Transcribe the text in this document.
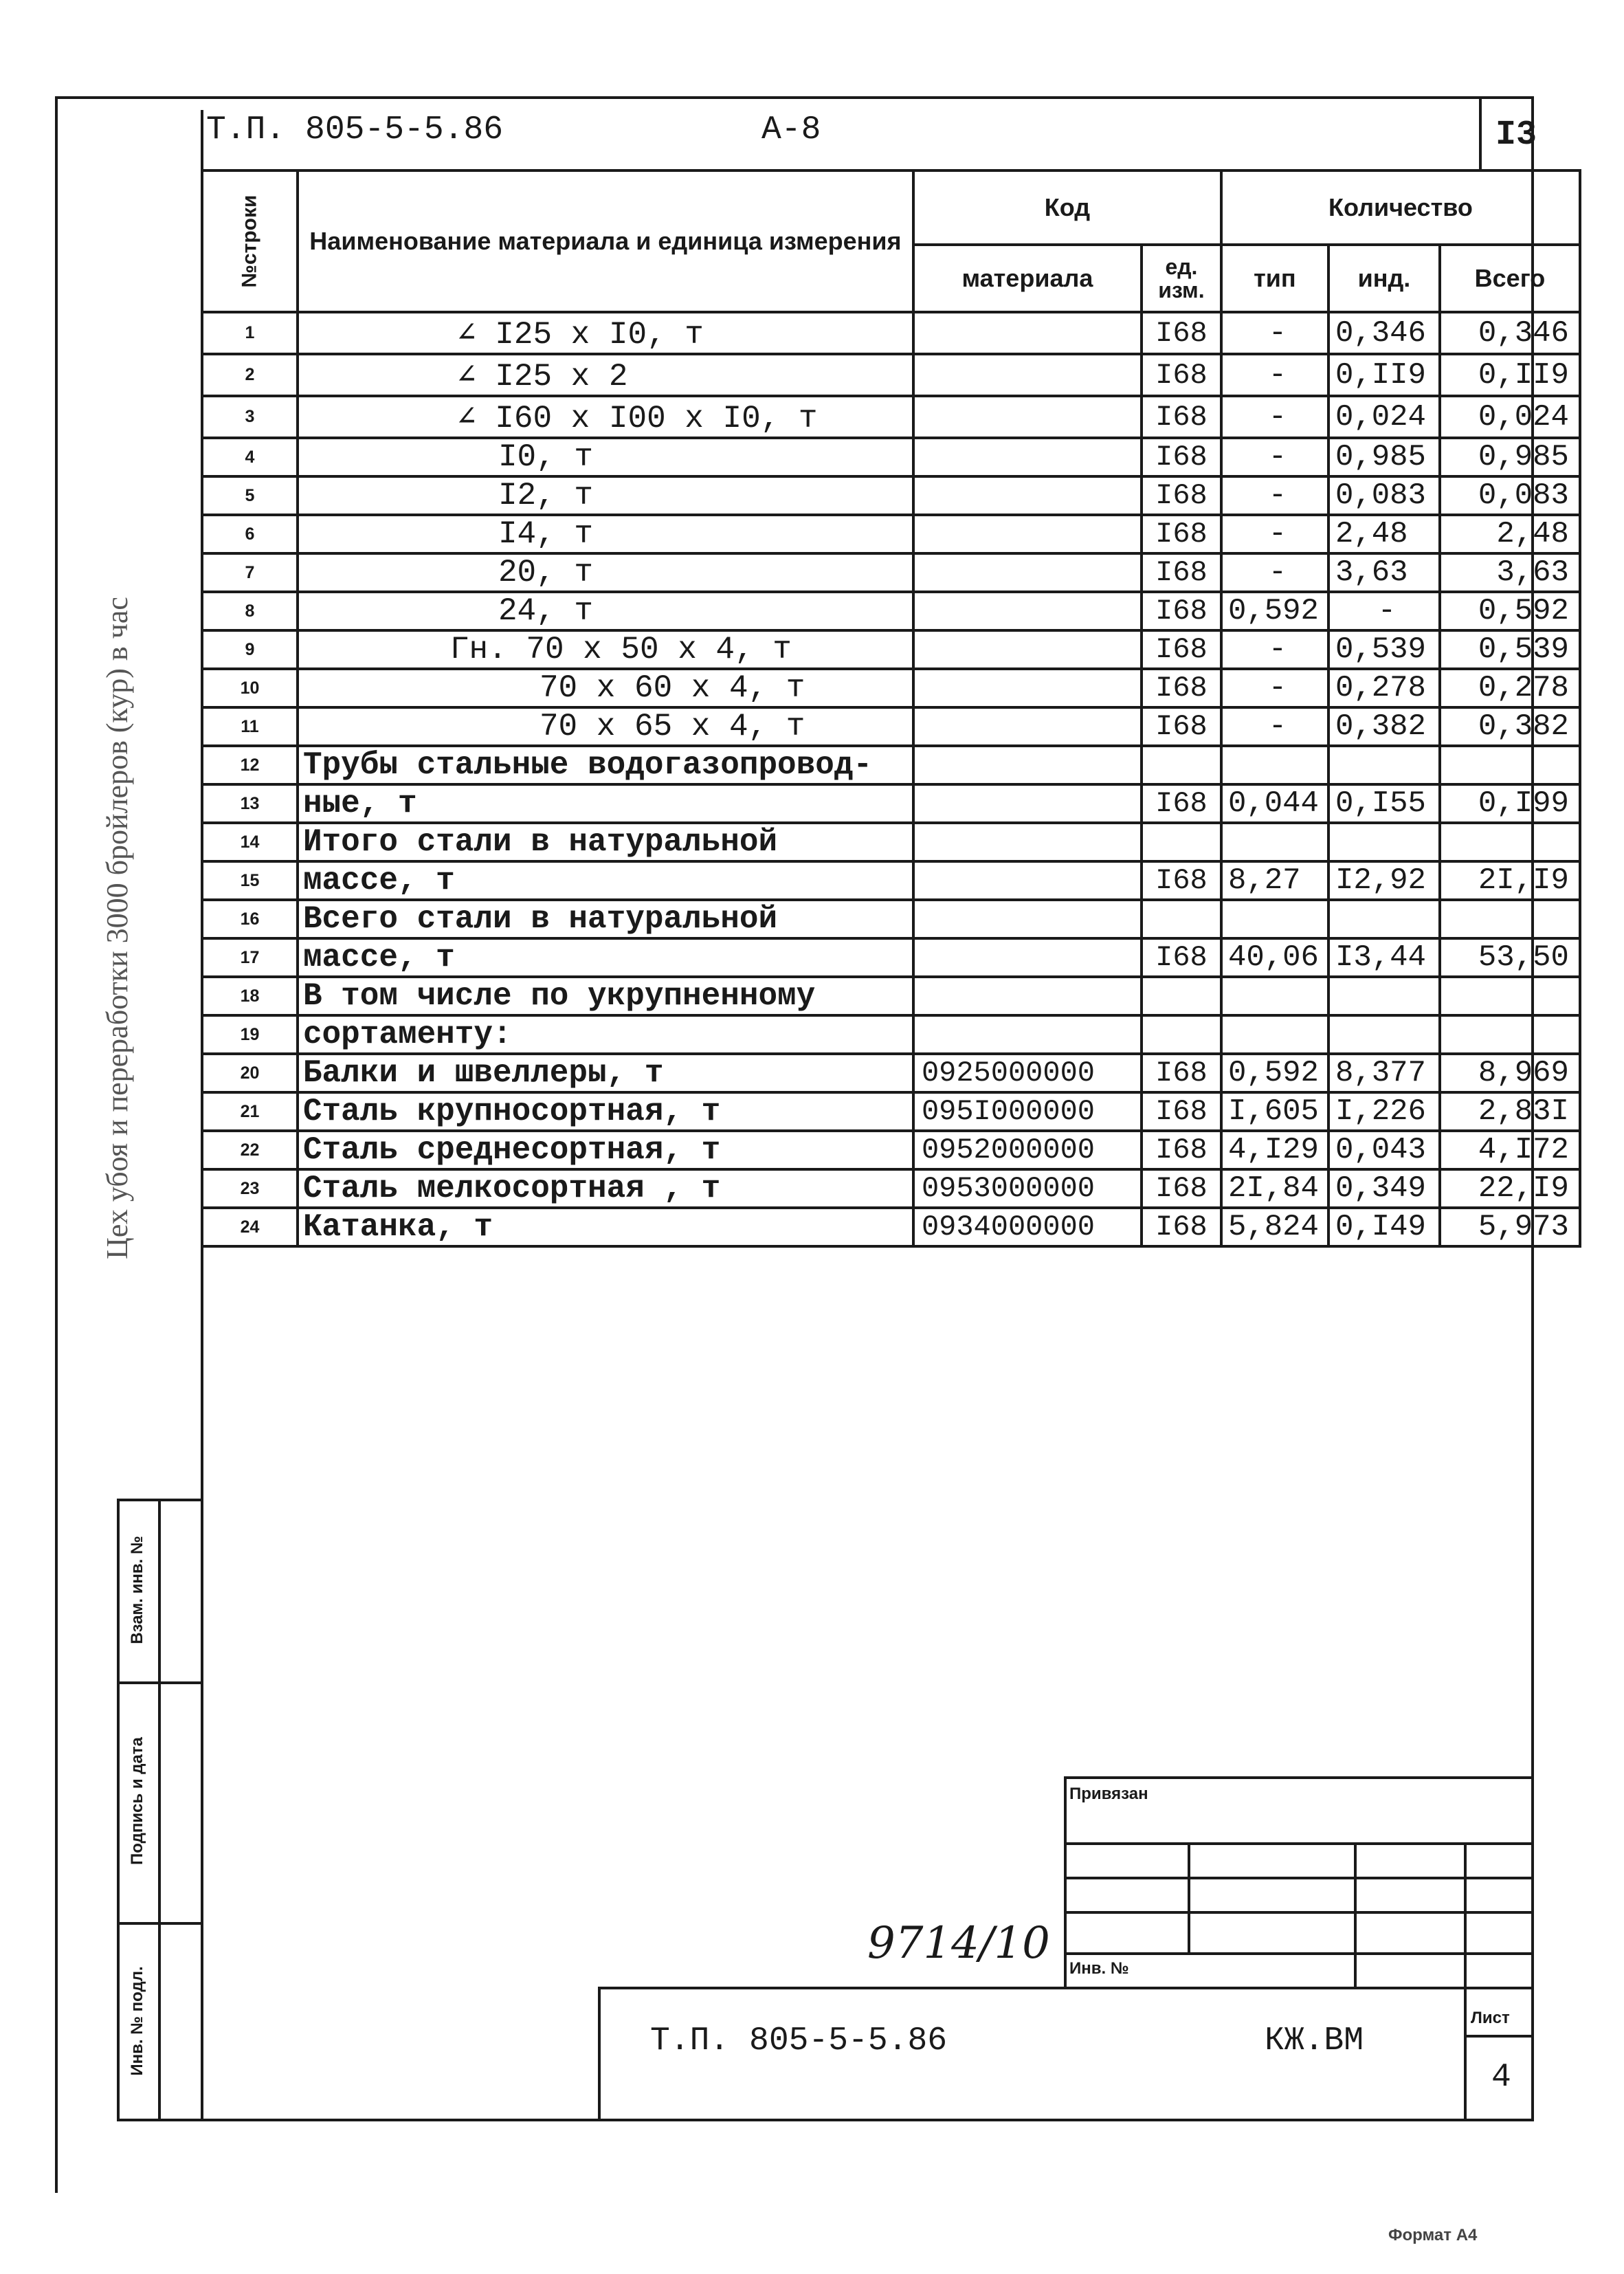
Т.П. 805-5-5.86	А-8	I3
Цех убоя и переработки 3000 бройлеров (кур) в час
№строки	Наименование материала и единица измерения	Код		Количество		
		материала	ед. изм.	тип	инд.	Всего
1	∠ I25 x I0, т		I68	-	0,346	0,346
2	∠ I25 x 2		I68	-	0,II9	0,II9
3	∠ I60 x I00 x I0, т		I68	-	0,024	0,024
4	I0, т		I68	-	0,985	0,985
5	I2, т		I68	-	0,083	0,083
6	I4, т		I68	-	2,48	2,48
7	20, т		I68	-	3,63	3,63
8	24, т		I68	0,592	-	0,592
9	Гн. 70 x 50 x 4, т		I68	-	0,539	0,539
10	70 x 60 x 4, т		I68	-	0,278	0,278
11	70 x 65 x 4, т		I68	-	0,382	0,382
12	Трубы стальные водогазопровод-					
13	ные, т		I68	0,044	0,I55	0,I99
14	Итого стали в натуральной					
15	массе, т		I68	8,27	I2,92	2I,I9
16	Всего стали в натуральной					
17	массе, т		I68	40,06	I3,44	53,50
18	В том числе по укрупненному					
19	сортаменту:					
20	Балки и швеллеры, т	0925000000	I68	0,592	8,377	8,969
21	Сталь крупносортная, т	095I000000	I68	I,605	I,226	2,83I
22	Сталь среднесортная, т	0952000000	I68	4,I29	0,043	4,I72
23	Сталь мелкосортная , т	0953000000	I68	2I,84	0,349	22,I9
24	Катанка, т	0934000000	I68	5,824	0,I49	5,973
Взам. инв. №
Подпись и дата
Инв. № подл.
Привязан
Инв. №
9714/10
Т.П. 805-5-5.86	КЖ.ВМ
Лист
4
Формат А4
